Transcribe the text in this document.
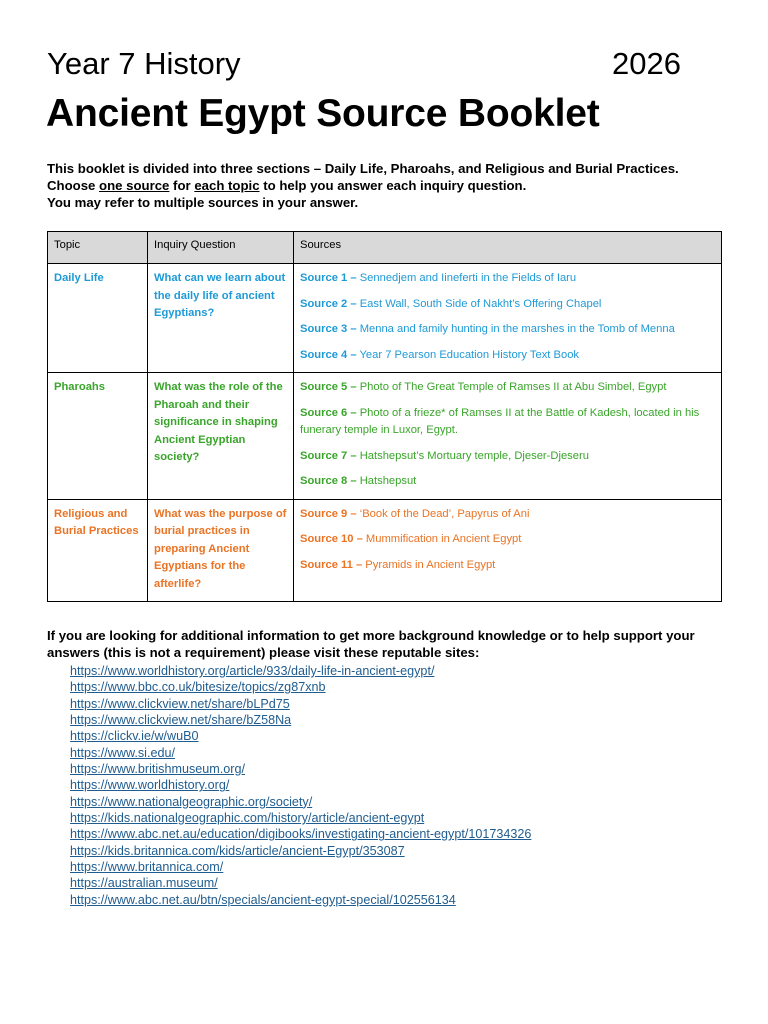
Year 7 History	2026
Ancient Egypt Source Booklet

This booklet is divided into three sections – Daily Life, Pharoahs, and Religious and Burial Practices. Choose one source for each topic to help you answer each inquiry question.

You may refer to multiple sources in your answer.

Topic	Inquiry Question	Sources
Daily Life	What can we learn about the daily life of ancient Egyptians?	Source 1 – Sennedjem and Iineferti in the Fields of Iaru

Source 2 – East Wall, South Side of Nakht’s Offering Chapel

Source 3 – Menna and family hunting in the marshes in the Tomb of Menna

Source 4 – Year 7 Pearson Education History Text Book

Pharoahs	What was the role of the Pharoah and their significance in shaping Ancient Egyptian society?	Source 5 – Photo of The Great Temple of Ramses II at Abu Simbel, Egypt

Source 6 – Photo of a frieze* of Ramses II at the Battle of Kadesh, located in his funerary temple in Luxor, Egypt.

Source 7 – Hatshepsut’s Mortuary temple, Djeser-Djeseru

Source 8 – Hatshepsut

Religious and Burial Practices	What was the purpose of burial practices in preparing Ancient Egyptians for the afterlife?	Source 9 – ‘Book of the Dead’, Papyrus of Ani

Source 10 – Mummification in Ancient Egypt

Source 11 – Pyramids in Ancient Egypt

If you are looking for additional information to get more background knowledge or to help support your answers (this is not a requirement) please visit these reputable sites:

https://www.worldhistory.org/article/933/daily-life-in-ancient-egypt/
https://www.bbc.co.uk/bitesize/topics/zg87xnb
https://www.clickview.net/share/bLPd75
https://www.clickview.net/share/bZ58Na
https://clickv.ie/w/wuB0
https://www.si.edu/
https://www.britishmuseum.org/
https://www.worldhistory.org/
https://www.nationalgeographic.org/society/
https://kids.nationalgeographic.com/history/article/ancient-egypt
https://www.abc.net.au/education/digibooks/investigating-ancient-egypt/101734326
https://kids.britannica.com/kids/article/ancient-Egypt/353087
https://www.britannica.com/
https://australian.museum/
https://www.abc.net.au/btn/specials/ancient-egypt-special/102556134
